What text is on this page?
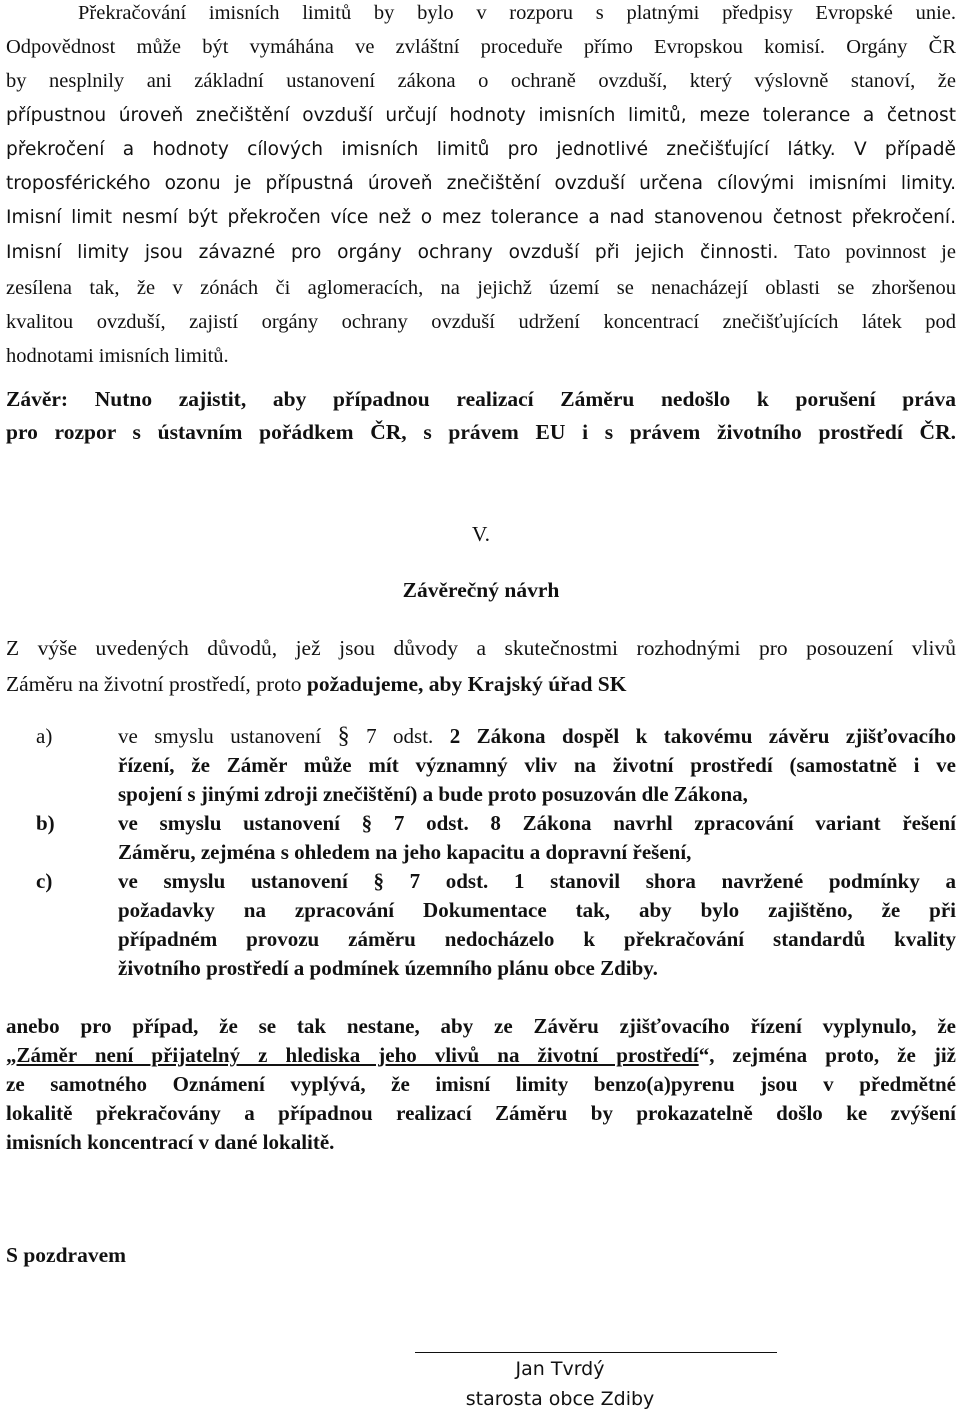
Překračování imisních limitů by bylo v rozporu s platnými předpisy Evropské unie.
Odpovědnost může být vymáhána ve zvláštní proceduře přímo Evropskou komisí. Orgány ČR
by nesplnily ani základní ustanovení zákona o ochraně ovzduší, který výslovně stanoví, že
přípustnou úroveň znečištění ovzduší určují hodnoty imisních limitů, meze tolerance a četnost
překročení a hodnoty cílových imisních limitů pro jednotlivé znečišťující látky. V případě
troposférického ozonu je přípustná úroveň znečištění ovzduší určena cílovými imisními limity.
Imisní limit nesmí být překročen více než o mez tolerance a nad stanovenou četnost překročení.
Imisní limity jsou závazné pro orgány ochrany ovzduší při jejich činnosti. Tato povinnost je
zesílena tak, že v zónách či aglomeracích, na jejichž území se nenacházejí oblasti se zhoršenou
kvalitou ovzduší, zajistí orgány ochrany ovzduší udržení koncentrací znečišťujících látek pod
hodnotami imisních limitů.
Závěr: Nutno zajistit, aby případnou realizací Záměru nedošlo k porušení práva
pro rozpor s ústavním pořádkem ČR, s právem EU i s právem životního prostředí ČR.

V.

Závěrečný návrh

Z výše uvedených důvodů, jež jsou důvody a skutečnostmi rozhodnými pro posouzení vlivů
Záměru na životní prostředí, proto požadujeme, aby Krajský úřad SK
a)	ve smyslu ustanovení § 7 odst. 2 Zákona dospěl k takovému závěru zjišťovacího
řízení, že Záměr může mít významný vliv na životní prostředí (samostatně i ve
spojení s jinými zdroji znečištění) a bude proto posuzován dle Zákona,
b)	ve smyslu ustanovení § 7 odst. 8 Zákona navrhl zpracování variant řešení
Záměru, zejména s ohledem na jeho kapacitu a dopravní řešení,
c)	ve smyslu ustanovení § 7 odst. 1 stanovil shora navržené podmínky a
požadavky na zpracování Dokumentace tak, aby bylo zajištěno, že při
případném provozu záměru nedocházelo k překračování standardů kvality
životního prostředí a podmínek územního plánu obce Zdiby.
anebo pro případ, že se tak nestane, aby ze Závěru zjišťovacího řízení vyplynulo, že
„Záměr není přijatelný z hlediska jeho vlivů na životní prostředí“, zejména proto, že již
ze samotného Oznámení vyplývá, že imisní limity benzo(a)pyrenu jsou v předmětné
lokalitě překračovány a případnou realizací Záměru by prokazatelně došlo ke zvýšení
imisních koncentrací v dané lokalitě.

S pozdravem

Jan Tvrdý

starosta obce Zdiby
